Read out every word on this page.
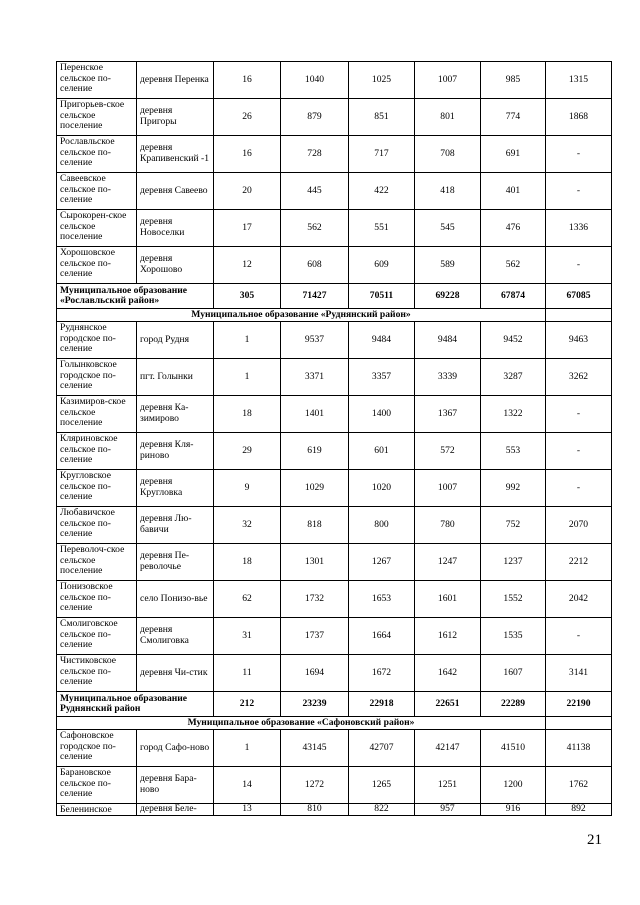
Перенское сельское по-селение	деревня Перенка	16	1040	1025	1007	985	1315
Пригорьев-ское сельское поселение	деревня Пригоры	26	879	851	801	774	1868
Рославльское сельское по-селение	деревня Крапивенский -1	16	728	717	708	691	-
Савеевское сельское по-селение	деревня Савеево	20	445	422	418	401	-
Сырокорен-ское сельское поселение	деревня Новоселки	17	562	551	545	476	1336
Хорошовское сельское по-селение	деревня Хорошово	12	608	609	589	562	-
Муниципальное образование «Рославльский район»		305	71427	70511	69228	67874	67085
Муниципальное образование «Руднянский район»							
Руднянское городское по-селение	город Рудня	1	9537	9484	9484	9452	9463
Голынковское городское по-селение	пгт. Голынки	1	3371	3357	3339	3287	3262
Казимиров-ское сельское поселение	деревня Ка-зимирово	18	1401	1400	1367	1322	-
Кляриновское сельское по-селение	деревня Кля-риново	29	619	601	572	553	-
Кругловское сельское по-селение	деревня Кругловка	9	1029	1020	1007	992	-
Любавичское сельское по-селение	деревня Лю-бавичи	32	818	800	780	752	2070
Переволоч-ское сельское поселение	деревня Пе-револочье	18	1301	1267	1247	1237	2212
Понизовское сельское по-селение	село Понизо-вье	62	1732	1653	1601	1552	2042
Смолиговское сельское по-селение	деревня Смолиговка	31	1737	1664	1612	1535	-
Чистиковское сельское по-селение	деревня Чи-стик	11	1694	1672	1642	1607	3141
Муниципальное образование Руднянский район		212	23239	22918	22651	22289	22190
Муниципальное образование «Сафоновский район»							
Сафоновское городское по-селение	город Сафо-ново	1	43145	42707	42147	41510	41138
Барановское сельское по-селение	деревня Бара-ново	14	1272	1265	1251	1200	1762
Беленинское	деревня Беле-	13	810	822	957	916	892
21
